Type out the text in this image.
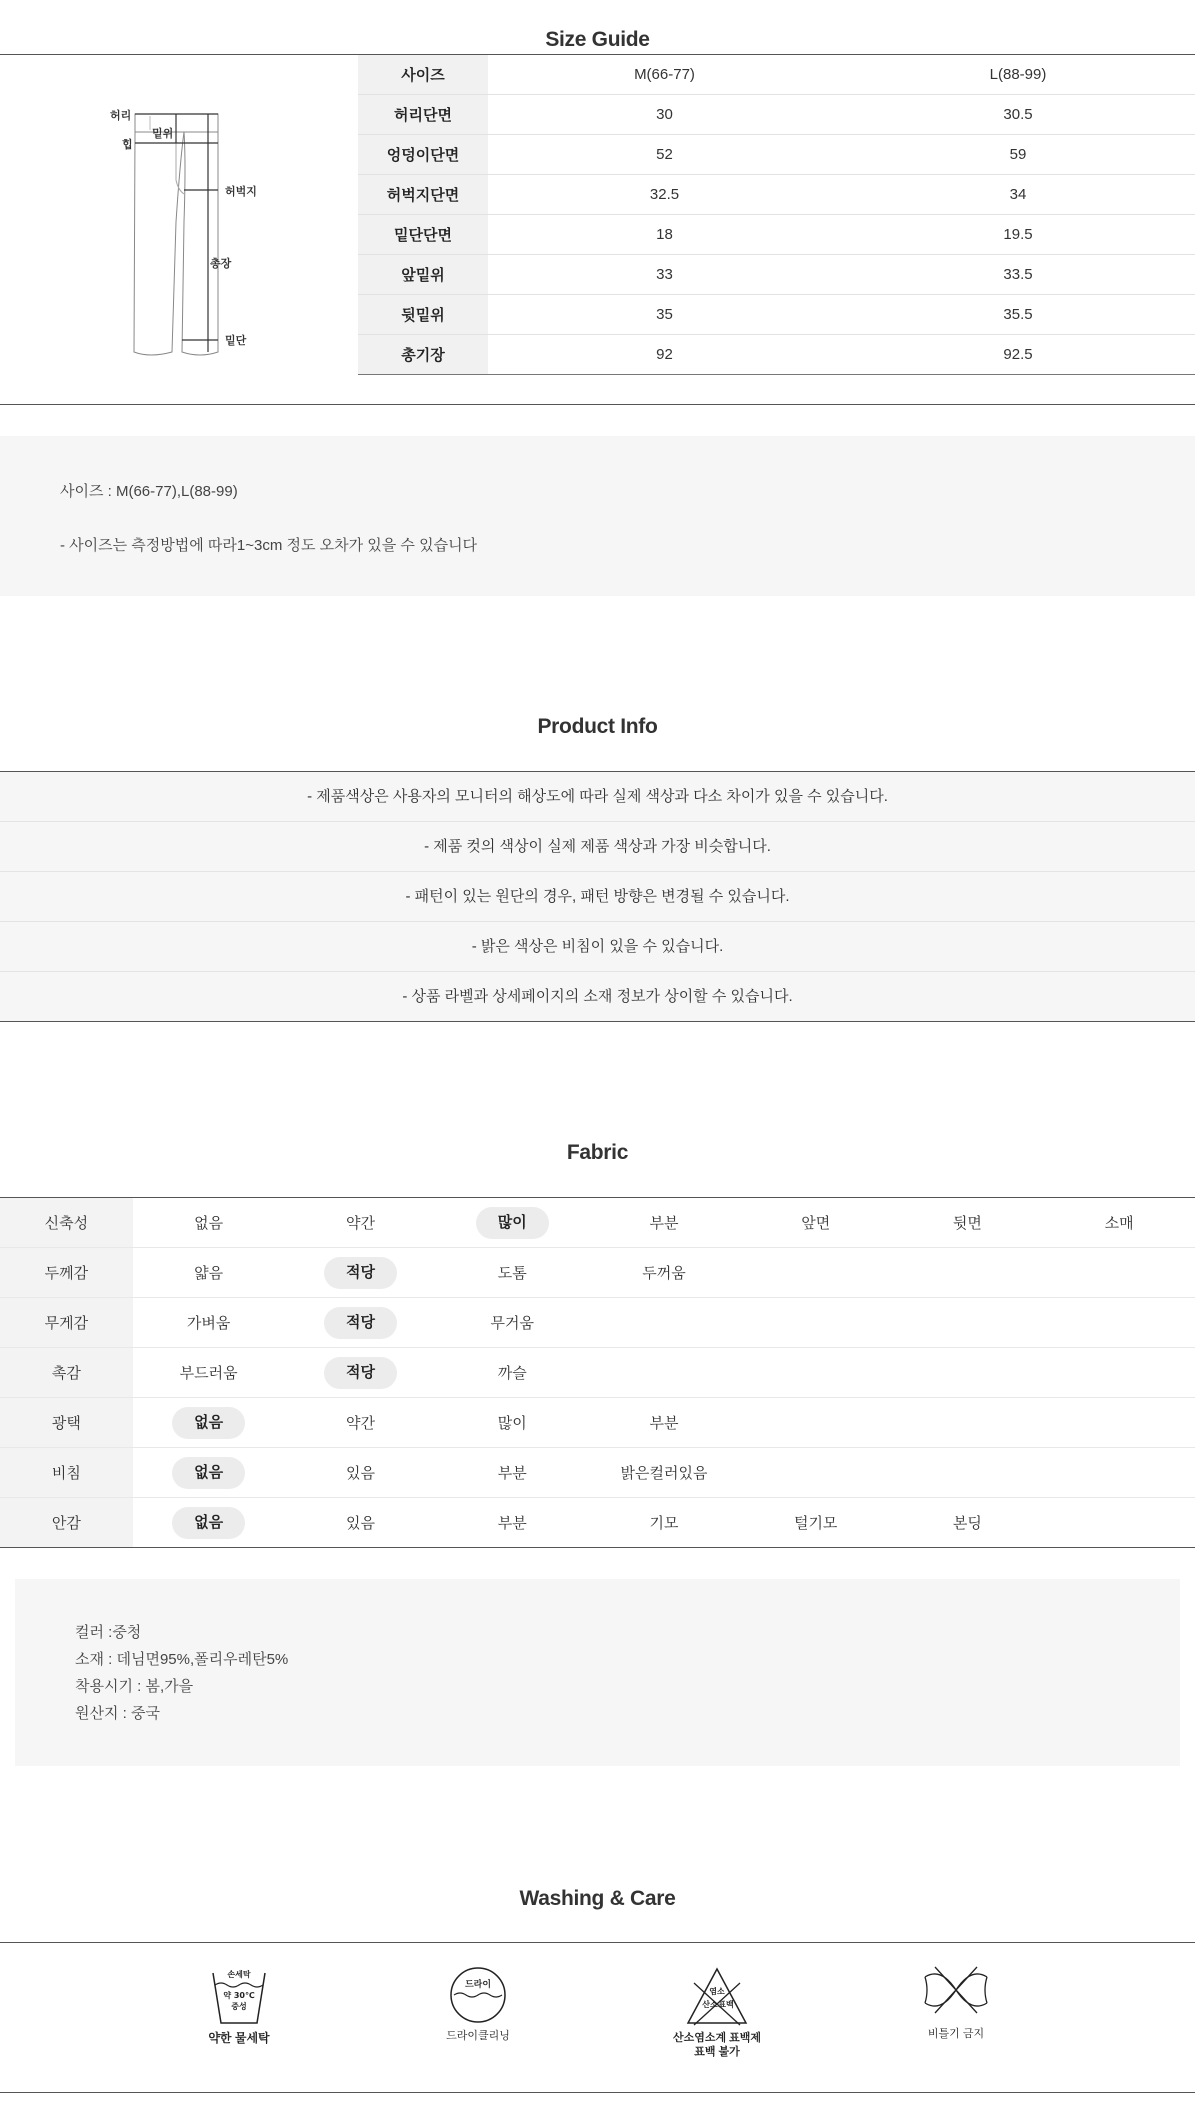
Size Guide
허리
힙
밑위
허벅지
총장
밑단
사이즈	M(66-77)	L(88-99)
허리단면	30	30.5
엉덩이단면	52	59
허벅지단면	32.5	34
밑단단면	18	19.5
앞밑위	33	33.5
뒷밑위	35	35.5
총기장	92	92.5
사이즈 : M(66-77),L(88-99)
- 사이즈는 측정방법에 따라1~3cm 정도 오차가 있을 수 있습니다
Product Info
- 제품색상은 사용자의 모니터의 해상도에 따라 실제 색상과 다소 차이가 있을 수 있습니다.
- 제품 컷의 색상이 실제 제품 색상과 가장 비슷합니다.
- 패턴이 있는 원단의 경우, 패턴 방향은 변경될 수 있습니다.
- 밝은 색상은 비침이 있을 수 있습니다.
- 상품 라벨과 상세페이지의 소재 정보가 상이할 수 있습니다.
Fabric
신축성	없음	약간	많이	부분	앞면	뒷면	소매
두께감	얇음	적당	도톰	두꺼움			
무게감	가벼움	적당	무거움				
촉감	부드러움	적당	까슬				
광택	없음	약간	많이	부분			
비침	없음	있음	부분	밝은컬러있음			
안감	없음	있음	부분	기모	털기모	본딩	
컬러 :중청
소재 : 데님면95%,폴리우레탄5%
착용시기 : 봄,가을
원산지 : 중국
Washing & Care
손세탁
약 30℃
중성
약한 물세탁
드라이
드라이클리닝
염소
산소 표백
산소염소계 표백제 표백 불가
비틀기 금지
